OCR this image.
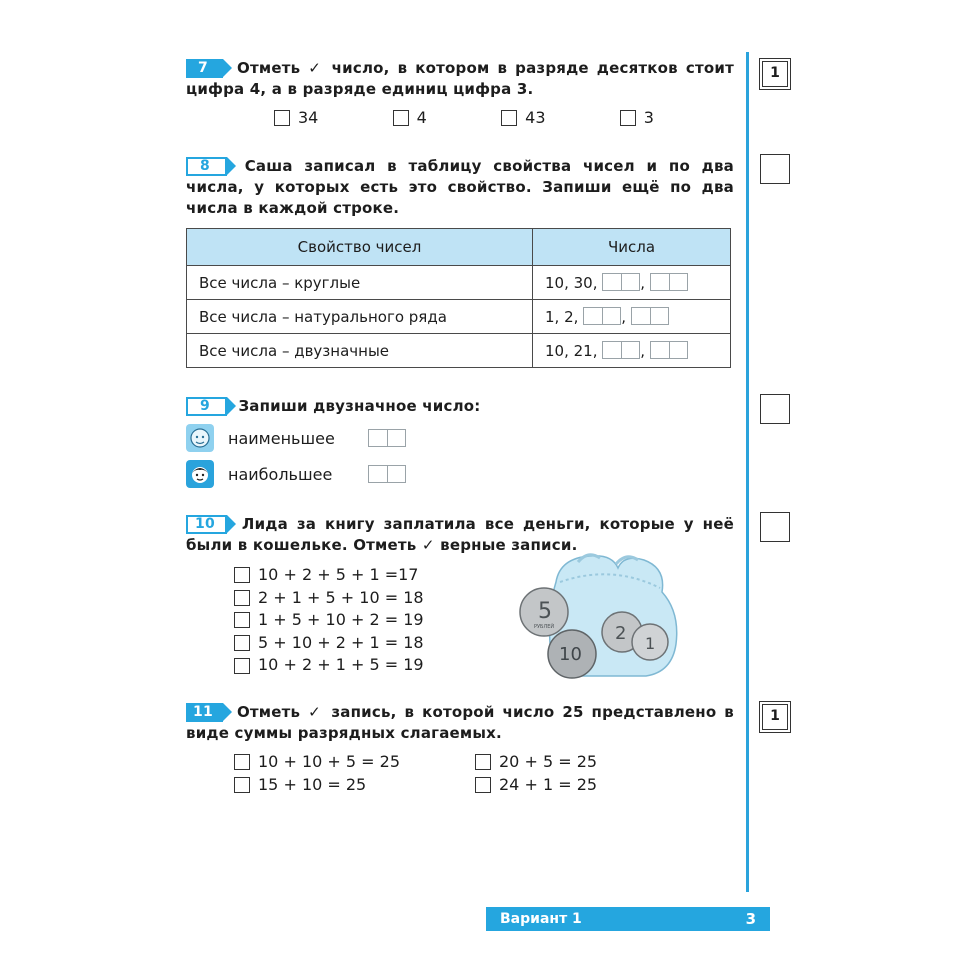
7 Отметь ✓ число, в котором в разряде десятков стоит цифра 4, а в разряде единиц цифра 3.
34	4	43	3
1
8 Саша записал в таблицу свойства чисел и по два числа, у которых есть это свойство. Запиши ещё по два числа в каждой строке.
Свойство чисел	Числа
Все числа – круглые	10, 30, ,
Все числа – натурального ряда	1, 2, ,
Все числа – двузначные	10, 21, ,
9 Запиши двузначное число:
наименьшее
наибольшее
10 Лида за книгу заплатила все деньги, которые у неё были в кошельке. Отметь ✓ верные записи.
10 + 2 + 5 + 1 =17
2 + 1 + 5 + 10 = 18
1 + 5 + 10 + 2 = 19
5 + 10 + 2 + 1 = 18
10 + 2 + 1 + 5 = 19
5
РУБЛЕЙ
10
2 1
11 Отметь ✓ запись, в которой число 25 представлено в виде суммы разрядных слагаемых.
10 + 10 + 5 = 25
15 + 10 = 25
20 + 5 = 25
24 + 1 = 25
1
Вариант 1	3
